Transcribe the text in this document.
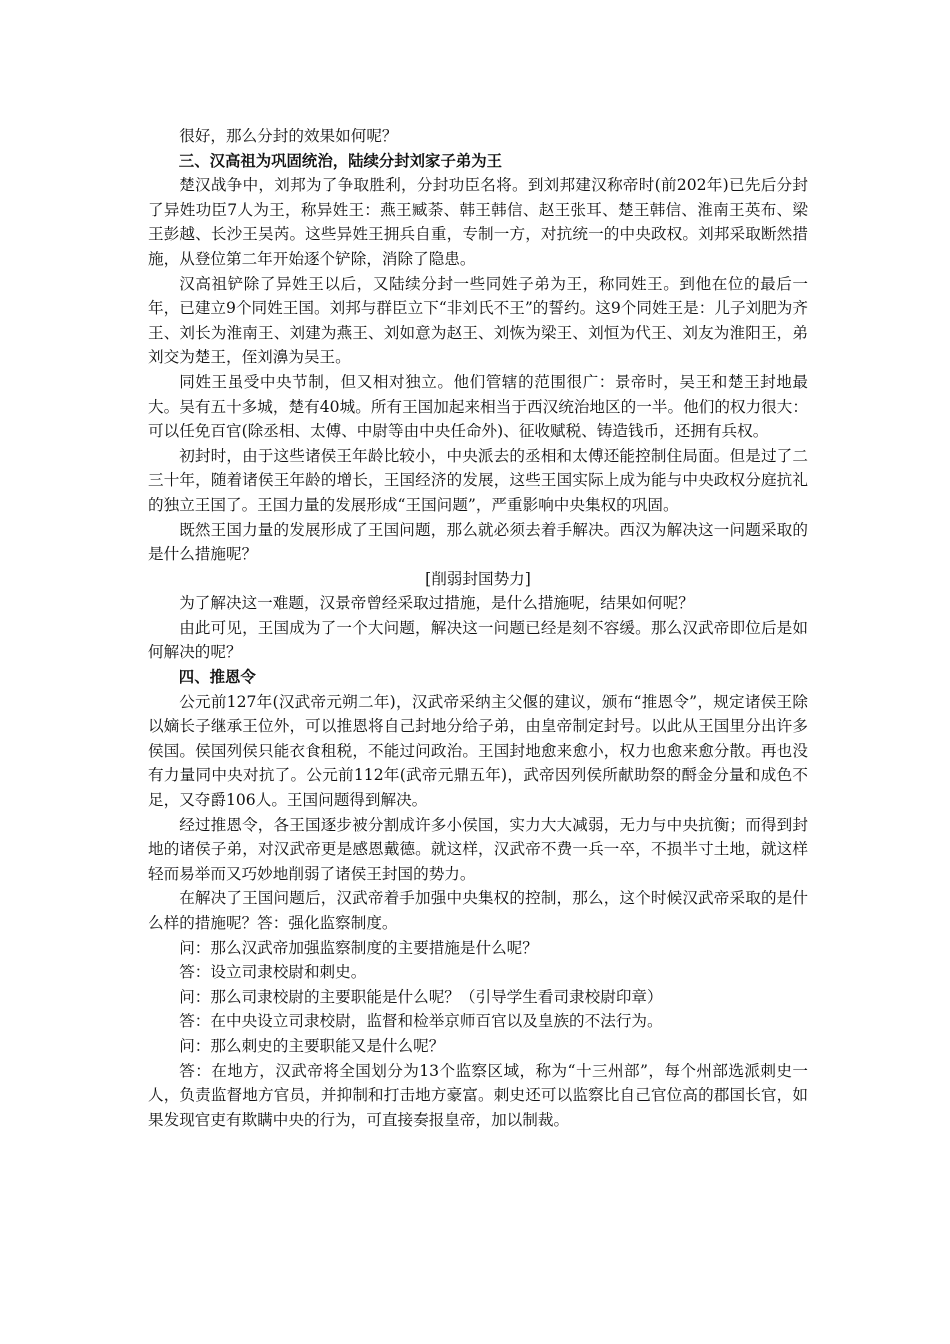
很好，那么分封的效果如何呢？

三、汉高祖为巩固统治，陆续分封刘家子弟为王

楚汉战争中，刘邦为了争取胜利，分封功臣名将。到刘邦建汉称帝时(前202年)已先后分封了异姓功臣7人为王，称异姓王：燕王臧荼、韩王韩信、赵王张耳、楚王韩信、淮南王英布、梁王彭越、长沙王吴芮。这些异姓王拥兵自重，专制一方，对抗统一的中央政权。刘邦采取断然措施，从登位第二年开始逐个铲除，消除了隐患。

汉高祖铲除了异姓王以后，又陆续分封一些同姓子弟为王，称同姓王。到他在位的最后一年，已建立9个同姓王国。刘邦与群臣立下“非刘氏不王”的誓约。这9个同姓王是：儿子刘肥为齐王、刘长为淮南王、刘建为燕王、刘如意为赵王、刘恢为梁王、刘恒为代王、刘友为淮阳王，弟刘交为楚王，侄刘濞为吴王。

同姓王虽受中央节制，但又相对独立。他们管辖的范围很广：景帝时，吴王和楚王封地最大。吴有五十多城，楚有40城。所有王国加起来相当于西汉统治地区的一半。他们的权力很大：可以任免百官(除丞相、太傅、中尉等由中央任命外)、征收赋税、铸造钱币，还拥有兵权。

初封时，由于这些诸侯王年龄比较小，中央派去的丞相和太傅还能控制住局面。但是过了二三十年，随着诸侯王年龄的增长，王国经济的发展，这些王国实际上成为能与中央政权分庭抗礼的独立王国了。王国力量的发展形成“王国问题”，严重影响中央集权的巩固。

既然王国力量的发展形成了王国问题，那么就必须去着手解决。西汉为解决这一问题采取的是什么措施呢？

[削弱封国势力]

为了解决这一难题，汉景帝曾经采取过措施，是什么措施呢，结果如何呢？

由此可见，王国成为了一个大问题，解决这一问题已经是刻不容缓。那么汉武帝即位后是如何解决的呢？

四、推恩令

公元前127年(汉武帝元朔二年)，汉武帝采纳主父偃的建议，颁布“推恩令”，规定诸侯王除以嫡长子继承王位外，可以推恩将自己封地分给子弟，由皇帝制定封号。以此从王国里分出许多侯国。侯国列侯只能衣食租税，不能过问政治。王国封地愈来愈小，权力也愈来愈分散。再也没有力量同中央对抗了。公元前112年(武帝元鼎五年)，武帝因列侯所献助祭的酹金分量和成色不足，又夺爵106人。王国问题得到解决。

经过推恩令，各王国逐步被分割成许多小侯国，实力大大减弱，无力与中央抗衡；而得到封地的诸侯子弟，对汉武帝更是感恩戴德。就这样，汉武帝不费一兵一卒，不损半寸土地，就这样轻而易举而又巧妙地削弱了诸侯王封国的势力。

在解决了王国问题后，汉武帝着手加强中央集权的控制，那么，这个时候汉武帝采取的是什么样的措施呢？答：强化监察制度。

问：那么汉武帝加强监察制度的主要措施是什么呢？

答：设立司隶校尉和刺史。

问：那么司隶校尉的主要职能是什么呢？（引导学生看司隶校尉印章）

答：在中央设立司隶校尉，监督和检举京师百官以及皇族的不法行为。

问：那么刺史的主要职能又是什么呢？

答：在地方，汉武帝将全国划分为13个监察区域，称为“十三州部”，每个州部选派刺史一人，负责监督地方官员，并抑制和打击地方豪富。刺史还可以监察比自己官位高的郡国长官，如果发现官吏有欺瞒中央的行为，可直接奏报皇帝，加以制裁。
